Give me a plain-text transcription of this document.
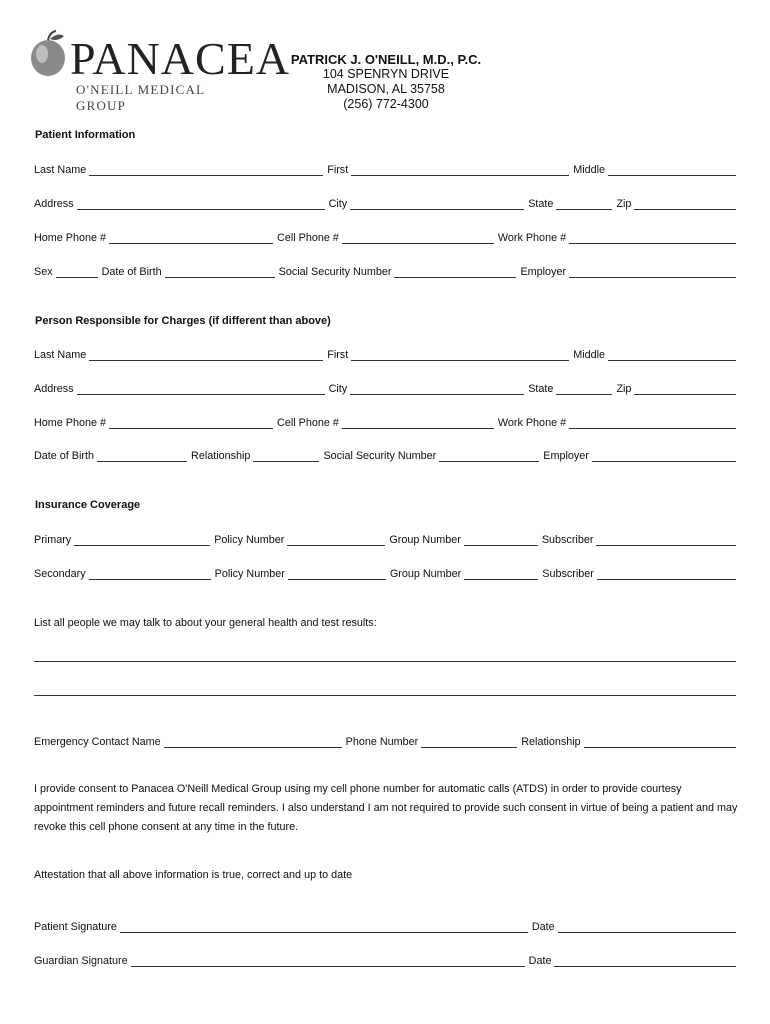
PANACEA
O'NEILL MEDICAL GROUP
PATRICK J. O'NEILL, M.D., P.C.
104 SPENRYN DRIVE
MADISON, AL 35758
(256) 772-4300
Patient Information
Last Name	First	Middle
Address	City	State	Zip
Home Phone #	Cell Phone #	Work Phone #
Sex	Date of Birth	Social Security Number	Employer
Person Responsible for Charges (if different than above)
Last Name	First	Middle
Address	City	State	Zip
Home Phone #	Cell Phone #	Work Phone #
Date of Birth	Relationship	Social Security Number	Employer
Insurance Coverage
Primary	Policy Number	Group Number	Subscriber
Secondary	Policy Number	Group Number	Subscriber
List all people we may talk to about your general health and test results:
Emergency Contact Name	Phone Number	Relationship
I provide consent to Panacea O'Neill Medical Group using my cell phone number for automatic calls (ATDS) in order to provide courtesy appointment reminders and future recall reminders. I also understand I am not required to provide such consent in virtue of being a patient and may revoke this cell phone consent at any time in the future.
Attestation that all above information is true, correct and up to date
Patient Signature	Date
Guardian Signature	Date
